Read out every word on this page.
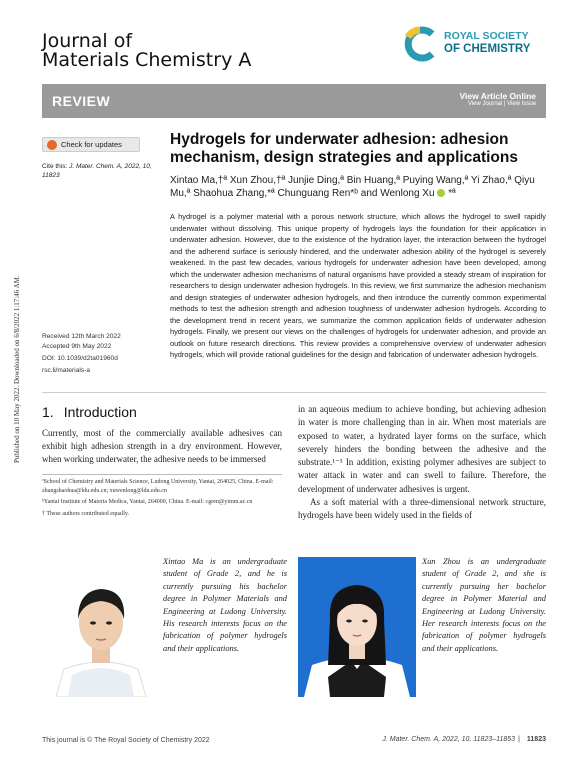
Published on 10 May 2022. Downloaded on 6/8/2022 1:17:46 AM.
Journal of
Materials Chemistry A
ROYAL SOCIETY
OF CHEMISTRY
REVIEW	View Article Online
View Journal | View Issue
Check for updates
Cite this: J. Mater. Chem. A, 2022, 10, 11823
Hydrogels for underwater adhesion: adhesion mechanism, design strategies and applications
Xintao Ma,†ª Xun Zhou,†ª Junjie Ding,ª Bin Huang,ª Puying Wang,ª Yi Zhao,ª Qiyu Mu,ª Shaohua Zhang,*ª Chunguang Ren*ᵇ and Wenlong Xu *ª
A hydrogel is a polymer material with a porous network structure, which allows the hydrogel to swell rapidly underwater without dissolving. This unique property of hydrogels lays the foundation for their application in underwater adhesion. However, due to the existence of the hydration layer, the interaction between the hydrogel and the adherend surface is seriously hindered, and the underwater adhesion ability of the hydrogel is severely weakened. In the past few decades, various hydrogels for underwater adhesion have been developed, among which the underwater adhesion mechanisms of natural organisms have provided a steady stream of inspiration for researchers to design underwater adhesion hydrogels. In this review, we first summarize the adhesion mechanism and design strategies of underwater adhesion hydrogels, and then introduce the currently common experimental methods to test the adhesion strength and adhesion toughness of underwater adhesion hydrogels. According to the development trend in recent years, we summarize the common application fields of underwater adhesion hydrogels. Finally, we present our views on the challenges of hydrogels for underwater adhesion, and provide an outlook on future research directions. This review provides a comprehensive overview of underwater adhesion hydrogels, which will provide rational guidelines for the design and fabrication of underwater adhesion hydrogels.
Received 12th March 2022
Accepted 9th May 2022
DOI: 10.1039/d2ta01960d
rsc.li/materials-a
1. Introduction
Currently, most of the commercially available adhesives can exhibit high adhesion strength in a dry environment. However, when working underwater, the adhesive needs to be immersed

ªSchool of Chemistry and Materials Science, Ludong University, Yantai, 264025, China. E-mail: zhangshaohua@ldu.edu.cn; xuwenlong@ldu.edu.cn

ᵇYantai Institute of Materia Medica, Yantai, 264000, China. E-mail: cgren@yimm.ac.cn

† These authors contributed equally.

in an aqueous medium to achieve bonding, but achieving adhesion in water is more challenging than in air. When most materials are exposed to water, a hydrated layer forms on the surface, which severely hinders the bonding between the adhesive and the substrate.¹⁻³ In addition, existing polymer adhesives are subject to water attack in water and can swell to failure. Therefore, the development of underwater adhesives is urgent.

As a soft material with a three-dimensional network structure, hydrogels have been widely used in the fields of

Xintao Ma is an undergraduate student of Grade 2, and he is currently pursuing his bachelor degree in Polymer Materials and Engineering at Ludong University. His research interests focus on the fabrication of polymer hydrogels and their applications.
Xun Zhou is an undergraduate student of Grade 2, and she is currently pursuing her bachelor degree in Polymer Material and Engineering at Ludong University. Her research interests focus on the fabrication of polymer hydrogels and their applications.
This journal is © The Royal Society of Chemistry 2022	J. Mater. Chem. A, 2022, 10, 11823–11853 | 11823
